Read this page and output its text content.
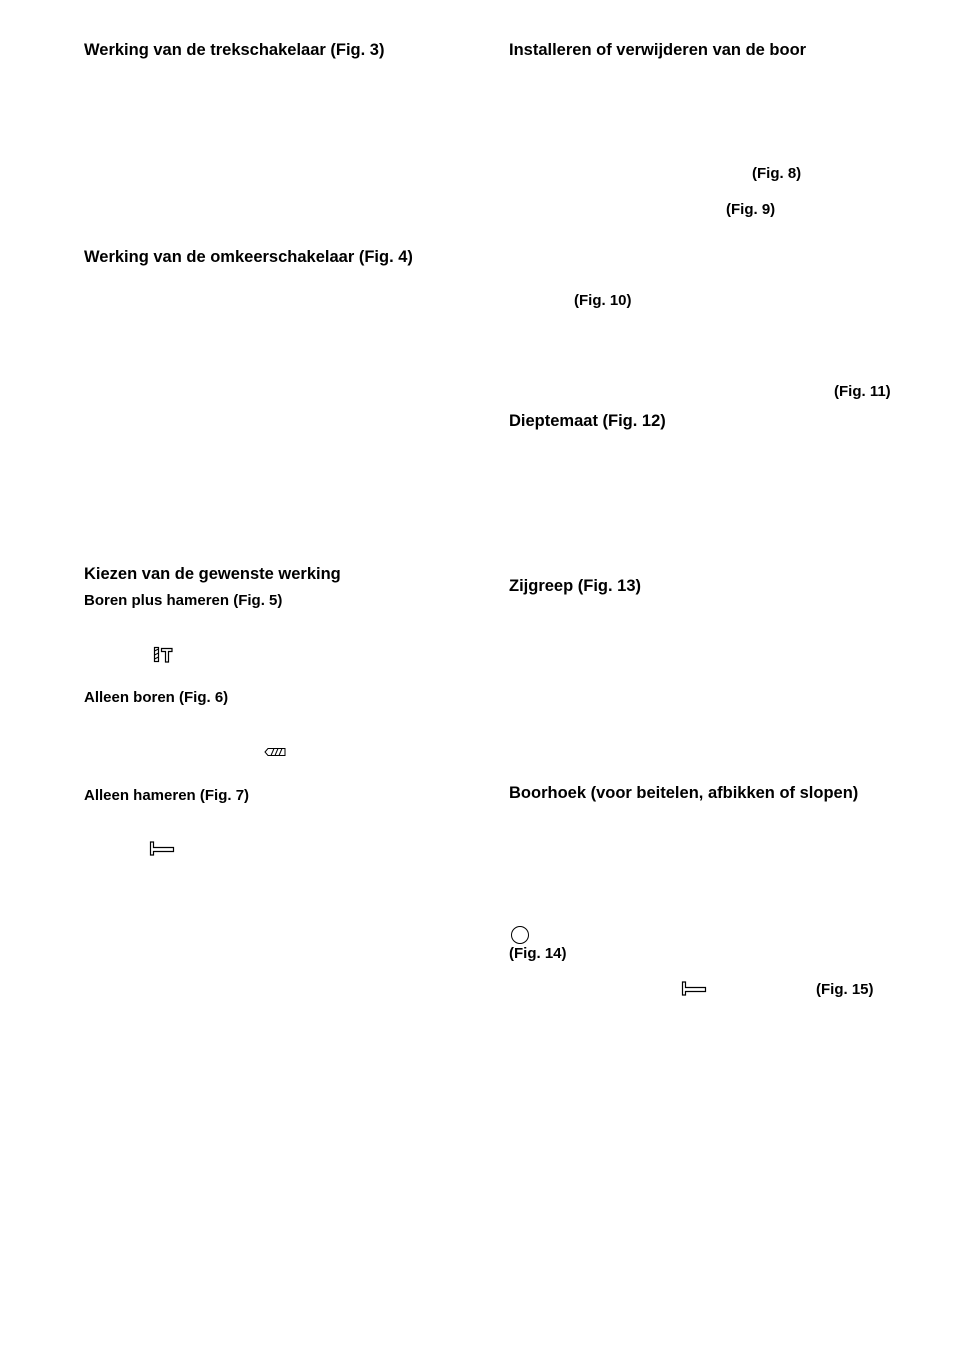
Werking van de trekschakelaar (Fig. 3)
Werking van de omkeerschakelaar (Fig. 4)
Kiezen van de gewenste werking
Boren plus hameren (Fig. 5)
Alleen boren (Fig. 6)
Alleen hameren (Fig. 7)
Installeren of verwijderen van de boor
(Fig. 8)
(Fig. 9)
(Fig. 10)
(Fig. 11)
Dieptemaat (Fig. 12)
Zijgreep (Fig. 13)
Boorhoek (voor beitelen, afbikken of slopen)
(Fig. 14)
(Fig. 15)
